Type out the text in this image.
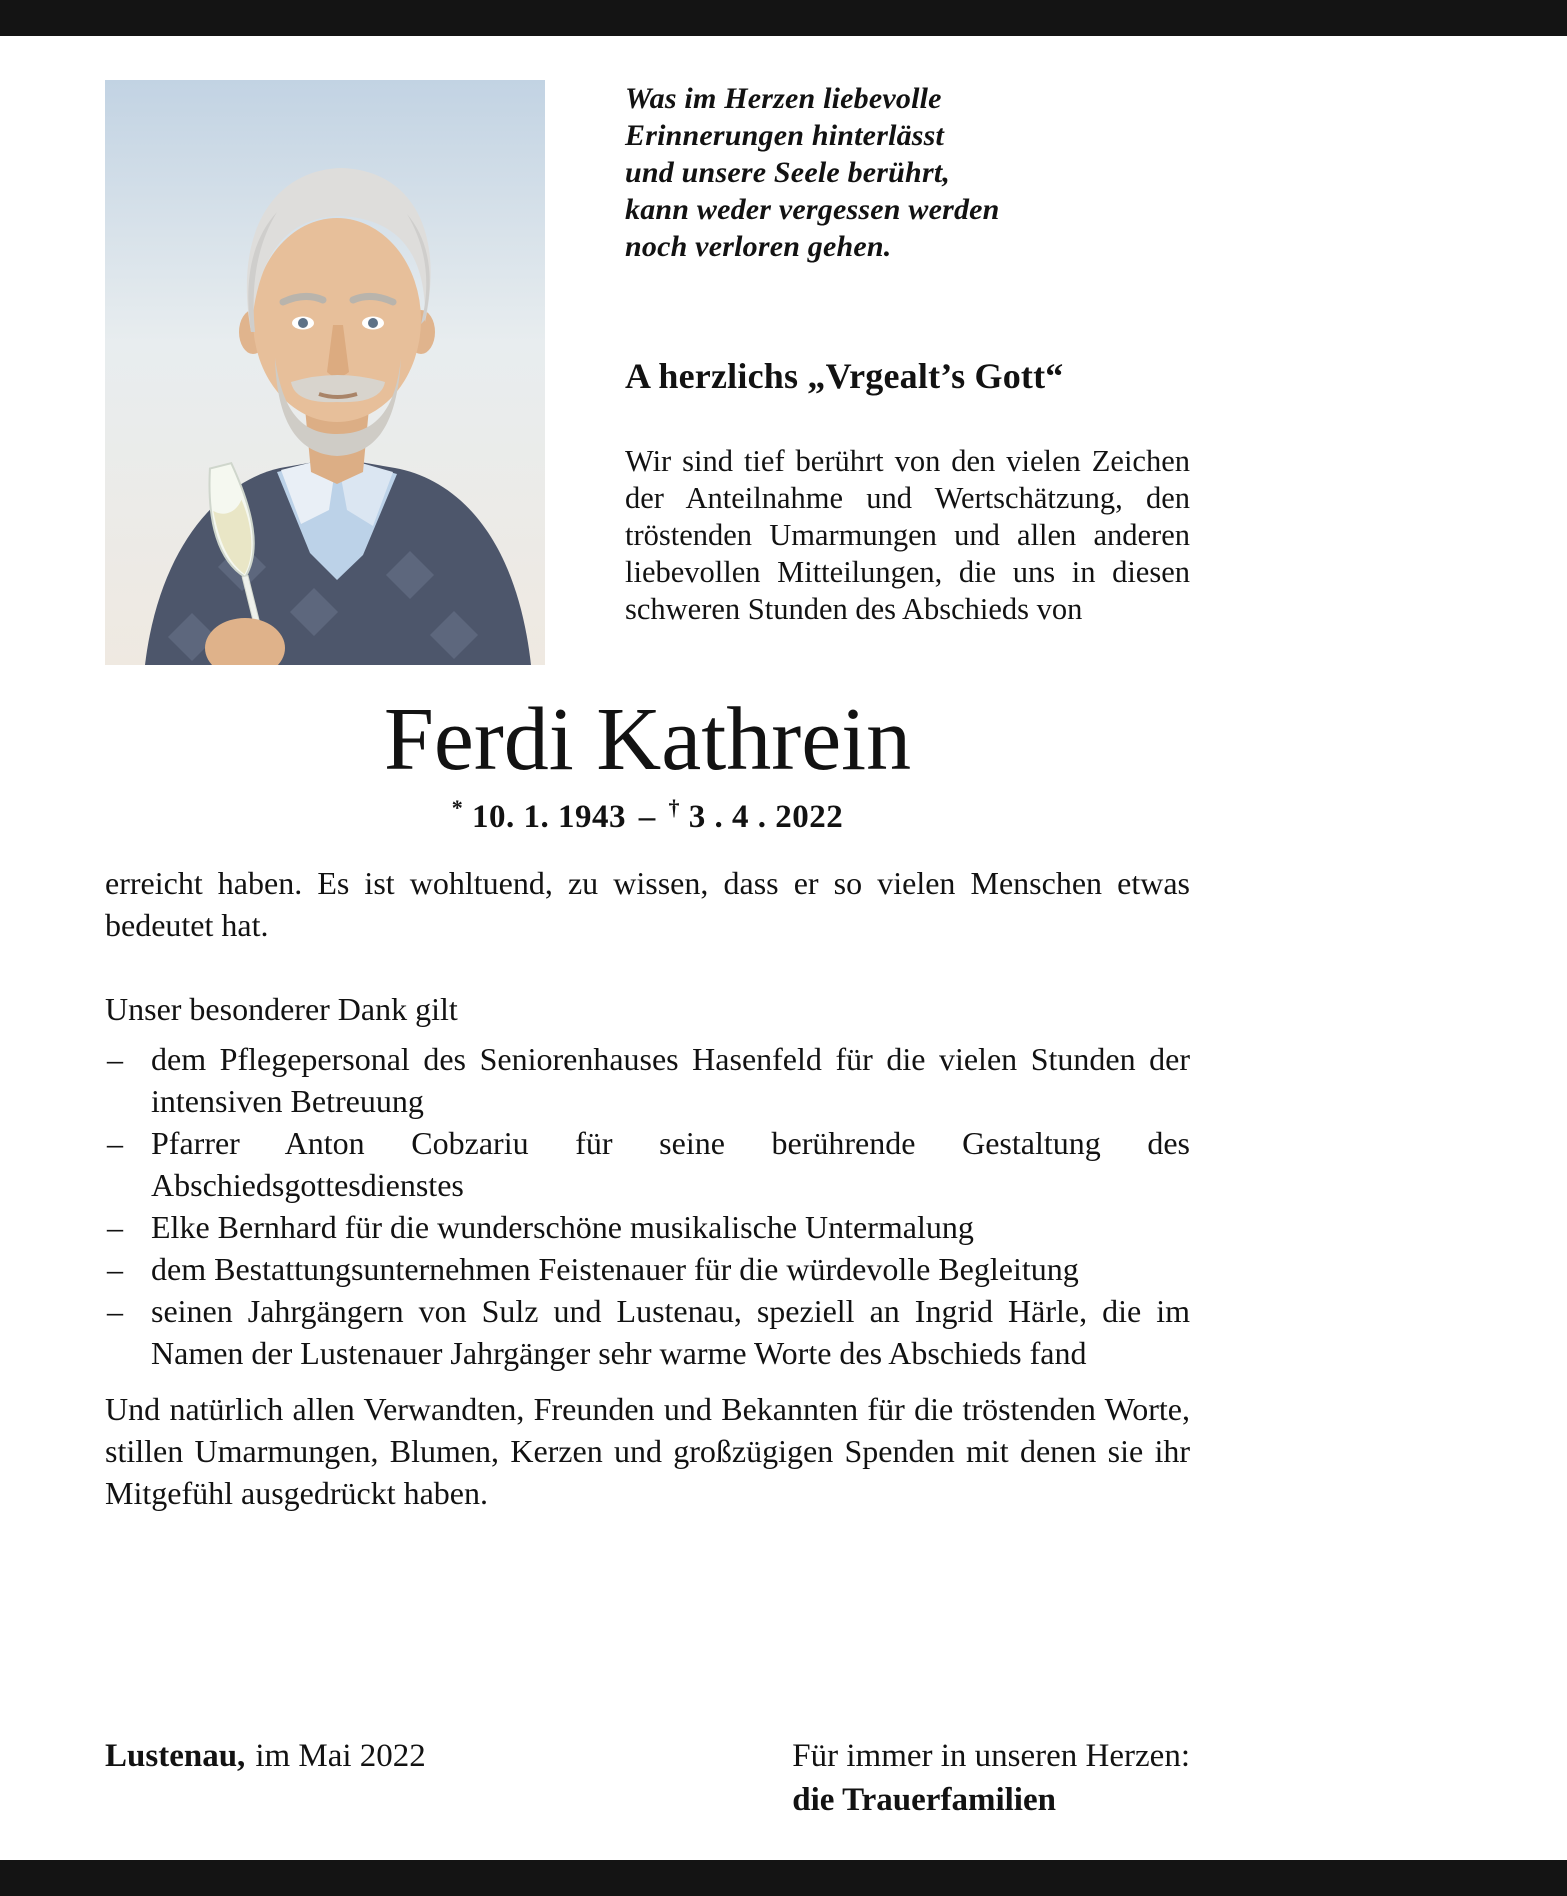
Was im Herzen liebevolle
Erinnerungen hinterlässt
und unsere Seele berührt,
kann weder vergessen werden
noch verloren gehen.
A herzlichs „Vrgealt’s Gott“

Wir sind tief berührt von den vielen Zeichen der Anteilnahme und Wertschätzung, den tröstenden Umarmungen und allen anderen liebevollen Mitteilungen, die uns in diesen schweren Stunden des Abschieds von

Ferdi Kathrein
* 10. 1. 1943 – † 3 . 4 . 2022

erreicht haben. Es ist wohltuend, zu wissen, dass er so vielen Menschen etwas bedeutet hat.

Unser besonderer Dank gilt

– dem Pflegepersonal des Seniorenhauses Hasenfeld für die vielen Stunden der intensiven Betreuung
– Pfarrer Anton Cobzariu für seine berührende Gestaltung des Abschiedsgottesdienstes
– Elke Bernhard für die wunderschöne musikalische Untermalung
– dem Bestattungsunternehmen Feistenauer für die würdevolle Begleitung
– seinen Jahrgängern von Sulz und Lustenau, speziell an Ingrid Härle, die im Namen der Lustenauer Jahrgänger sehr warme Worte des Abschieds fand

Und natürlich allen Verwandten, Freunden und Bekannten für die tröstenden Worte, stillen Umarmungen, Blumen, Kerzen und großzügigen Spenden mit denen sie ihr Mitgefühl ausgedrückt haben.

Lustenau, im Mai 2022	Für immer in unseren Herzen:
die Trauerfamilien
